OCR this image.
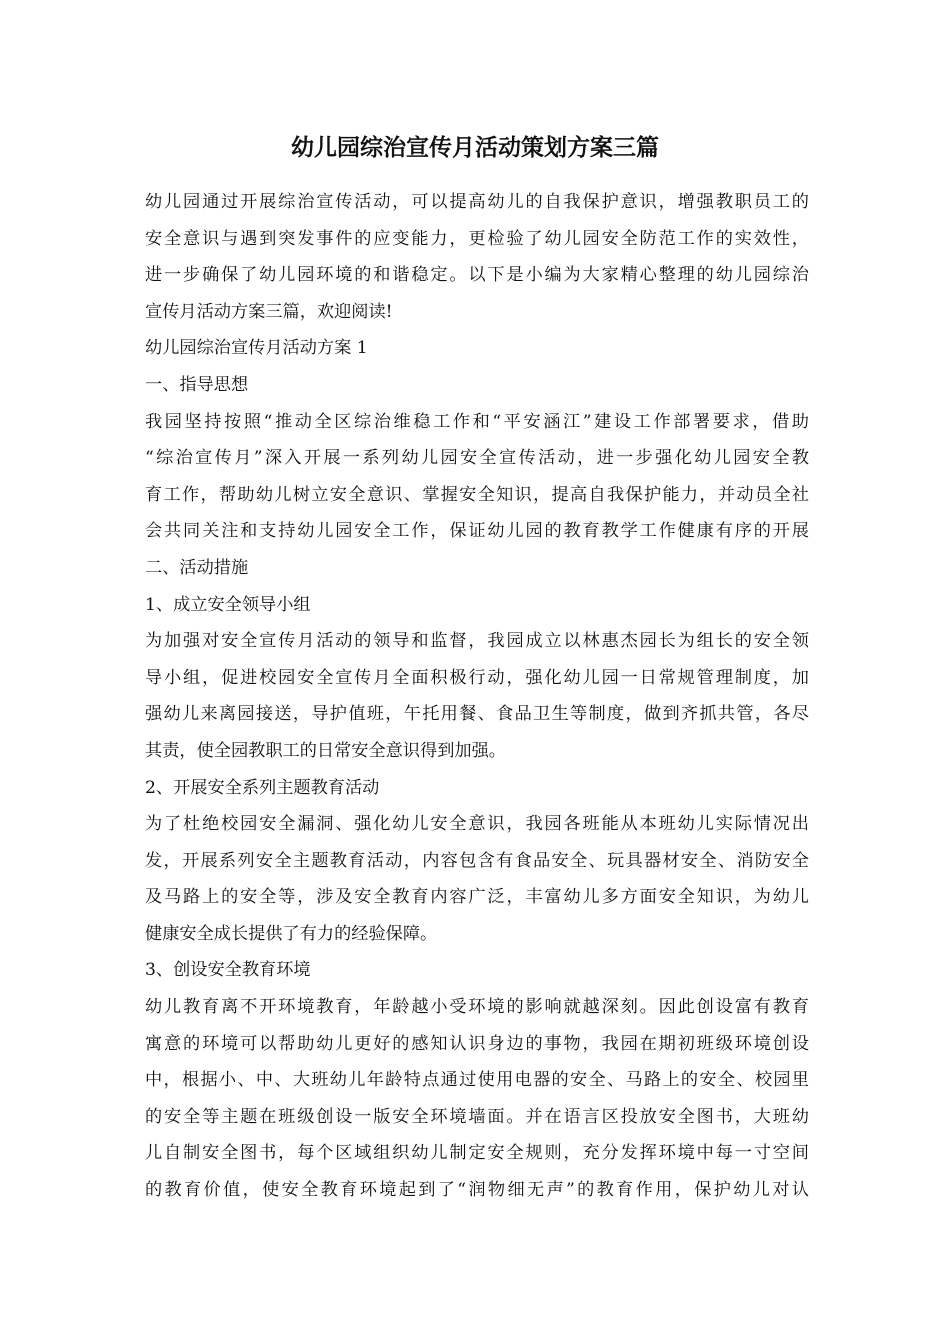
幼儿园综治宣传月活动策划方案三篇
幼儿园通过开展综治宣传活动，可以提高幼儿的自我保护意识，增强教职员工的
安全意识与遇到突发事件的应变能力，更检验了幼儿园安全防范工作的实效性，
进一步确保了幼儿园环境的和谐稳定。以下是小编为大家精心整理的幼儿园综治
宣传月活动方案三篇，欢迎阅读!
幼儿园综治宣传月活动方案 1
一、指导思想
我园坚持按照“推动全区综治维稳工作和“平安涵江”建设工作部署要求，借助
“综治宣传月”深入开展一系列幼儿园安全宣传活动，进一步强化幼儿园安全教
育工作，帮助幼儿树立安全意识、掌握安全知识，提高自我保护能力，并动员全社
会共同关注和支持幼儿园安全工作，保证幼儿园的教育教学工作健康有序的开展
二、活动措施
1、成立安全领导小组
为加强对安全宣传月活动的领导和监督，我园成立以林惠杰园长为组长的安全领
导小组，促进校园安全宣传月全面积极行动，强化幼儿园一日常规管理制度，加
强幼儿来离园接送，导护值班，午托用餐、食品卫生等制度，做到齐抓共管，各尽
其责，使全园教职工的日常安全意识得到加强。
2、开展安全系列主题教育活动
为了杜绝校园安全漏洞、强化幼儿安全意识，我园各班能从本班幼儿实际情况出
发，开展系列安全主题教育活动，内容包含有食品安全、玩具器材安全、消防安全
及马路上的安全等，涉及安全教育内容广泛，丰富幼儿多方面安全知识，为幼儿
健康安全成长提供了有力的经验保障。
3、创设安全教育环境
幼儿教育离不开环境教育，年龄越小受环境的影响就越深刻。因此创设富有教育
寓意的环境可以帮助幼儿更好的感知认识身边的事物，我园在期初班级环境创设
中，根据小、中、大班幼儿年龄特点通过使用电器的安全、马路上的安全、校园里
的安全等主题在班级创设一版安全环境墙面。并在语言区投放安全图书，大班幼
儿自制安全图书，每个区域组织幼儿制定安全规则，充分发挥环境中每一寸空间
的教育价值，使安全教育环境起到了“润物细无声”的教育作用，保护幼儿对认
